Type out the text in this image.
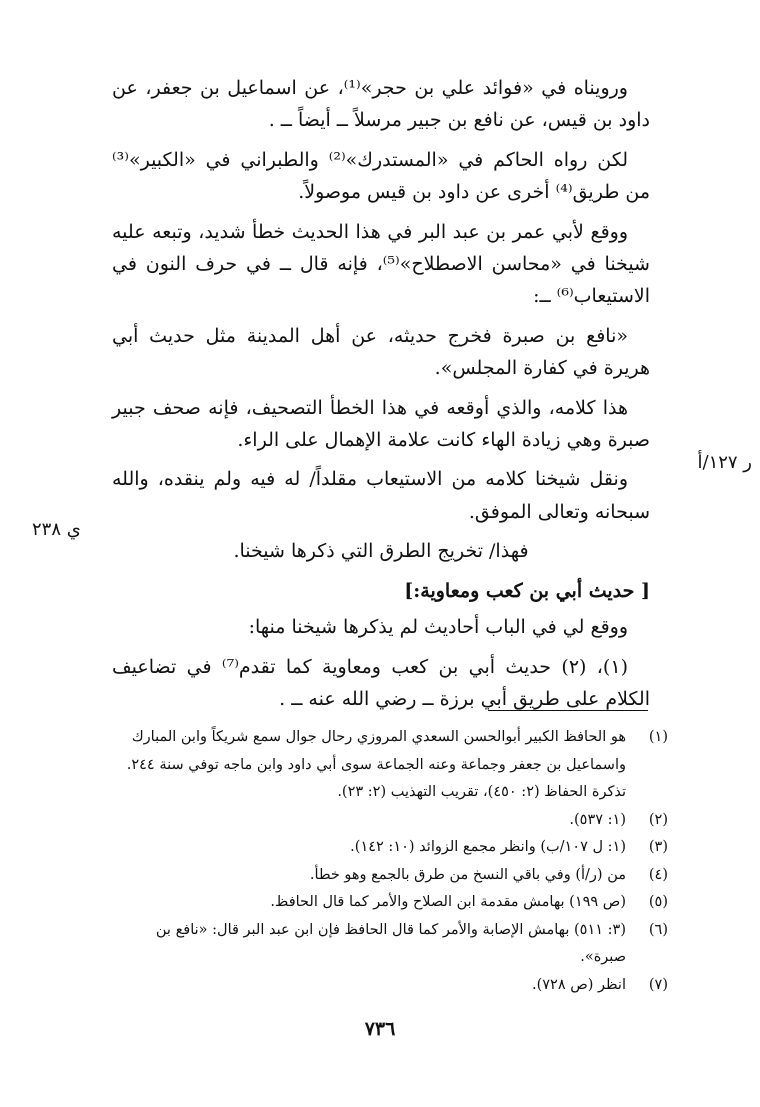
ورويناه في «فوائد علي بن حجر»⁽¹⁾، عن اسماعيل بن جعفر، عن داود بن قيس، عن نافع بن جبير مرسلاً ــ أيضاً ــ .

لكن رواه الحاكم في «المستدرك»⁽²⁾ والطبراني في «الكبير»⁽³⁾ من طريق⁽⁴⁾ أخرى عن داود بن قيس موصولاً.

ووقع لأبي عمر بن عبد البر في هذا الحديث خطأ شديد، وتبعه عليه شيخنا في «محاسن الاصطلاح»⁽⁵⁾، فإنه قال ــ في حرف النون في الاستيعاب⁽⁶⁾ ــ:

«نافع بن صبرة فخرج حديثه، عن أهل المدينة مثل حديث أبي هريرة في كفارة المجلس».

هذا كلامه، والذي أوقعه في هذا الخطأ التصحيف، فإنه صحف جبير صبرة وهي زيادة الهاء كانت علامة الإهمال على الراء.

ونقل شيخنا كلامه من الاستيعاب مقلداً/ له فيه ولم ينقده، والله سبحانه وتعالى الموفق.

فهذا/ تخريج الطرق التي ذكرها شيخنا.

[ حديث أبي بن كعب ومعاوية:]

ووقع لي في الباب أحاديث لم يذكرها شيخنا منها:

(١)، (٢) حديث أبي بن كعب ومعاوية كما تقدم⁽⁷⁾ في تضاعيف الكلام على طريق أبي برزة ــ رضي الله عنه ــ .

ر ١٢٧/أ
ي ٢٣٨
(١)
هو الحافظ الكبير أبوالحسن السعدي المروزي رحال جوال سمع شريكاً وابن المبارك واسماعيل بن جعفر وجماعة وعنه الجماعة سوى أبي داود وابن ماجه توفي سنة ٢٤٤. تذكرة الحفاظ (٢: ٤٥٠)، تقريب التهذيب (٢: ٢٣).
(٢)
(١: ٥٣٧).
(٣)
(١: ل ١٠٧/ب) وانظر مجمع الزوائد (١٠: ١٤٢).
(٤)
من (ر/أ) وفي باقي النسخ من طرق بالجمع وهو خطأ.
(٥)
(ص ١٩٩) بهامش مقدمة ابن الصلاح والأمر كما قال الحافظ.
(٦)
(٣: ٥١١) بهامش الإصابة والأمر كما قال الحافظ فإن ابن عبد البر قال: «نافع بن صبرة».
(٧)
انظر (ص ٧٢٨).
٧٣٦
